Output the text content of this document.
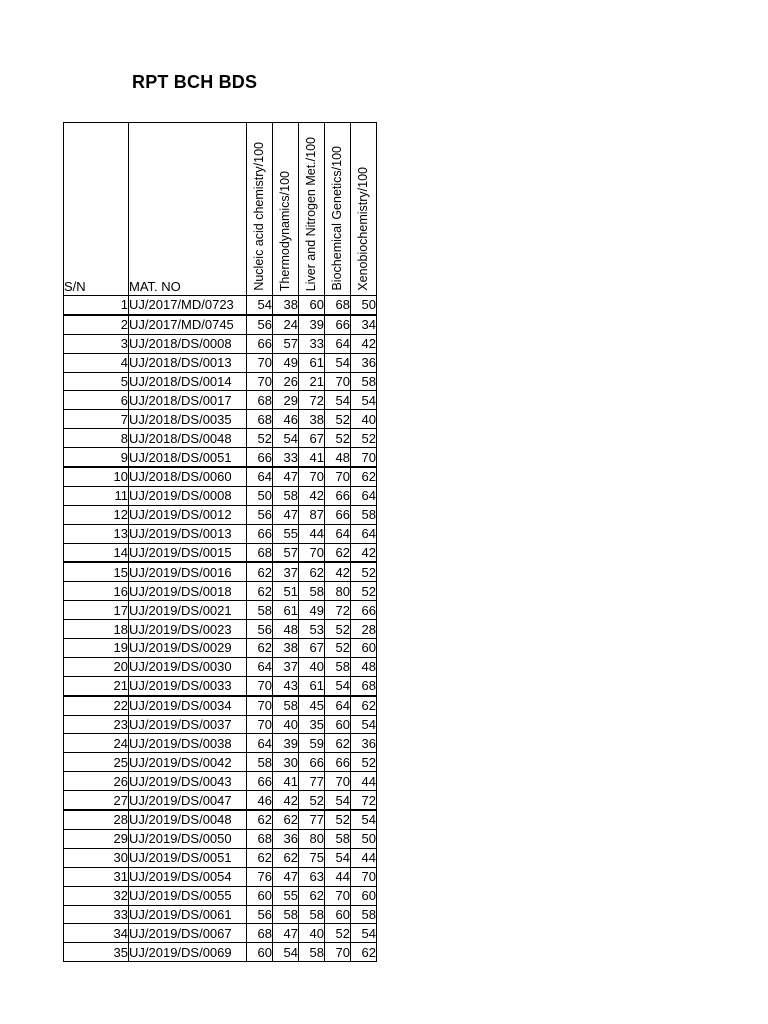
RPT BCH BDS
S/N	MAT. NO	Nucleic acid chemistry/100	Thermodynamics/100	Liver and Nitrogen Met./100	Biochemical Genetics/100	Xenobiochemistry/100

1	UJ/2017/MD/0723	54	38	60	68	50
2	UJ/2017/MD/0745	56	24	39	66	34
3	UJ/2018/DS/0008	66	57	33	64	42
4	UJ/2018/DS/0013	70	49	61	54	36
5	UJ/2018/DS/0014	70	26	21	70	58
6	UJ/2018/DS/0017	68	29	72	54	54
7	UJ/2018/DS/0035	68	46	38	52	40
8	UJ/2018/DS/0048	52	54	67	52	52
9	UJ/2018/DS/0051	66	33	41	48	70
10	UJ/2018/DS/0060	64	47	70	70	62
11	UJ/2019/DS/0008	50	58	42	66	64
12	UJ/2019/DS/0012	56	47	87	66	58
13	UJ/2019/DS/0013	66	55	44	64	64
14	UJ/2019/DS/0015	68	57	70	62	42
15	UJ/2019/DS/0016	62	37	62	42	52
16	UJ/2019/DS/0018	62	51	58	80	52
17	UJ/2019/DS/0021	58	61	49	72	66
18	UJ/2019/DS/0023	56	48	53	52	28
19	UJ/2019/DS/0029	62	38	67	52	60
20	UJ/2019/DS/0030	64	37	40	58	48
21	UJ/2019/DS/0033	70	43	61	54	68
22	UJ/2019/DS/0034	70	58	45	64	62
23	UJ/2019/DS/0037	70	40	35	60	54
24	UJ/2019/DS/0038	64	39	59	62	36
25	UJ/2019/DS/0042	58	30	66	66	52
26	UJ/2019/DS/0043	66	41	77	70	44
27	UJ/2019/DS/0047	46	42	52	54	72
28	UJ/2019/DS/0048	62	62	77	52	54
29	UJ/2019/DS/0050	68	36	80	58	50
30	UJ/2019/DS/0051	62	62	75	54	44
31	UJ/2019/DS/0054	76	47	63	44	70
32	UJ/2019/DS/0055	60	55	62	70	60
33	UJ/2019/DS/0061	56	58	58	60	58
34	UJ/2019/DS/0067	68	47	40	52	54
35	UJ/2019/DS/0069	60	54	58	70	62
